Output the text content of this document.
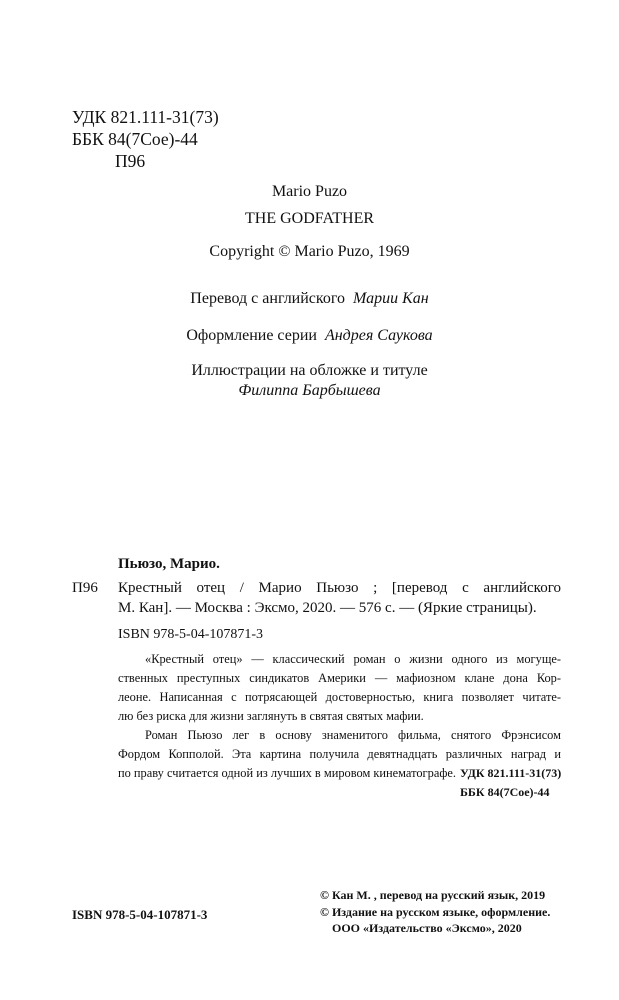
УДК 821.111-31(73)
ББК 84(7Сое)-44
П96
Mario Puzo
THE GODFATHER
Copyright © Mario Puzo, 1969
Перевод с английского Марии Кан
Оформление серии Андрея Саукова
Иллюстрации на обложке и титуле
Филиппа Барбышева
Пьюзо, Марио.
П96 Крестный отец / Марио Пьюзо ; [перевод с английского
М. Кан]. — Москва : Эксмо, 2020. — 576 с. — (Яркие страницы).
ISBN 978-5-04-107871-3

«Крестный отец» — классический роман о жизни одного из могуще-

ственных преступных синдикатов Америки — мафиозном клане дона Кор-

леоне. Написанная с потрясающей достоверностью, книга позволяет читате-

лю без риска для жизни заглянуть в святая святых мафии.

Роман Пьюзо лег в основу знаменитого фильма, снятого Фрэнсисом

Фордом Копполой. Эта картина получила девятнадцать различных наград и

по праву считается одной из лучших в мировом кинематографе. УДК 821.111-31(73)
ББК 84(7Сое)-44
ISBN 978-5-04-107871-3
© Кан М. , перевод на русский язык, 2019
© Издание на русском языке, оформление.
ООО «Издательство «Эксмо», 2020
